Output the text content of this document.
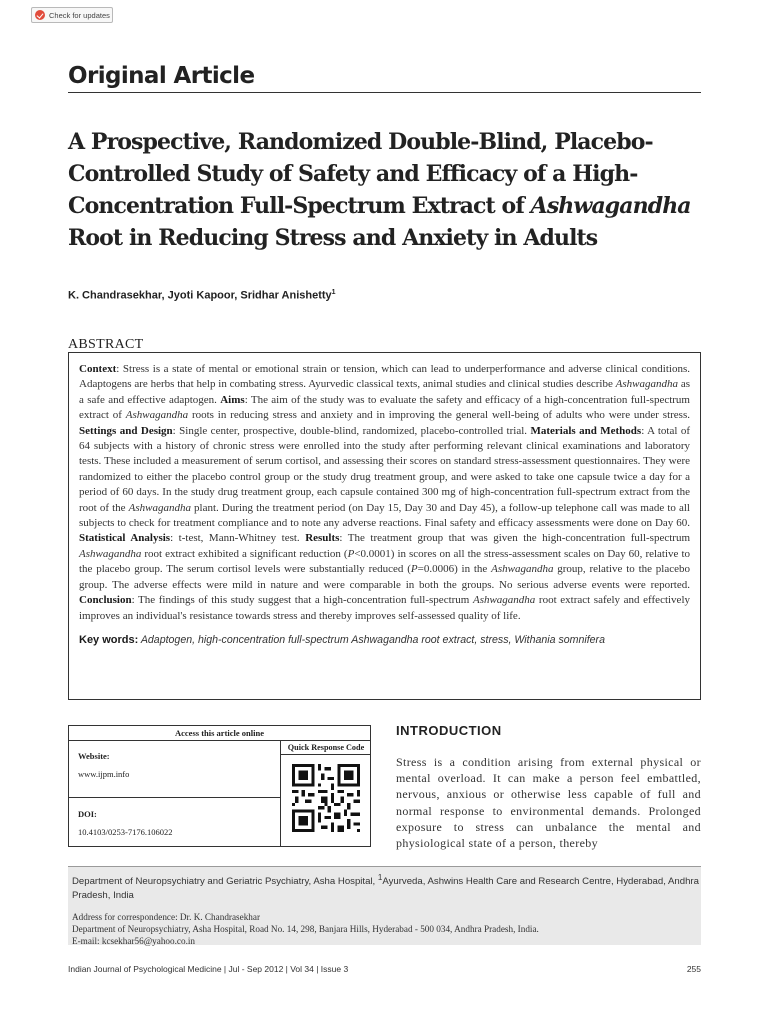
Check for updates
Original Article
A Prospective, Randomized Double-Blind, Placebo-
Controlled Study of Safety and Efficacy of a High-
Concentration Full-Spectrum Extract of Ashwagandha
Root in Reducing Stress and Anxiety in Adults
K. Chandrasekhar, Jyoti Kapoor, Sridhar Anishetty$^1$
ABSTRACT

Context: Stress is a state of mental or emotional strain or tension, which can lead to underperformance and adverse clinical conditions. Adaptogens are herbs that help in combating stress. Ayurvedic classical texts, animal studies and clinical studies describe Ashwagandha as a safe and effective adaptogen. Aims: The aim of the study was to evaluate the safety and efficacy of a high-concentration full-spectrum extract of Ashwagandha roots in reducing stress and anxiety and in improving the general well-being of adults who were under stress. Settings and Design: Single center, prospective, double-blind, randomized, placebo-controlled trial. Materials and Methods: A total of 64 subjects with a history of chronic stress were enrolled into the study after performing relevant clinical examinations and laboratory tests. These included a measurement of serum cortisol, and assessing their scores on standard stress-assessment questionnaires. They were randomized to either the placebo control group or the study drug treatment group, and were asked to take one capsule twice a day for a period of 60 days. In the study drug treatment group, each capsule contained 300 mg of high-concentration full-spectrum extract from the root of the Ashwagandha plant. During the treatment period (on Day 15, Day 30 and Day 45), a follow-up telephone call was made to all subjects to check for treatment compliance and to note any adverse reactions. Final safety and efficacy assessments were done on Day 60. Statistical Analysis: t-test, Mann-Whitney test. Results: The treatment group that was given the high-concentration full-spectrum Ashwagandha root extract exhibited a significant reduction (P<0.0001) in scores on all the stress-assessment scales on Day 60, relative to the placebo group. The serum cortisol levels were substantially reduced (P=0.0006) in the Ashwagandha group, relative to the placebo group. The adverse effects were mild in nature and were comparable in both the groups. No serious adverse events were reported. Conclusion: The findings of this study suggest that a high-concentration full-spectrum Ashwagandha root extract safely and effectively improves an individual's resistance towards stress and thereby improves self-assessed quality of life.

Key words: Adaptogen, high-concentration full-spectrum Ashwagandha root extract, stress, Withania somnifera

Access this article online
Website:
www.ijpm.info
DOI:
10.4103/0253-7176.106022
Quick Response Code
INTRODUCTION

Stress is a condition arising from external physical or mental overload. It can make a person feel embattled, nervous, anxious or otherwise less capable of full and normal response to environmental demands. Prolonged exposure to stress can unbalance the mental and physiological state of a person, thereby

Department of Neuropsychiatry and Geriatric Psychiatry, Asha Hospital, $^1$Ayurveda, Ashwins Health Care and Research Centre, Hyderabad, Andhra Pradesh, India

Address for correspondence: Dr. K. Chandrasekhar
Department of Neuropsychiatry, Asha Hospital, Road No. 14, 298, Banjara Hills, Hyderabad - 500 034, Andhra Pradesh, India.
E-mail: kcsekhar56@yahoo.co.in

Indian Journal of Psychological Medicine | Jul - Sep 2012 | Vol 34 | Issue 3	255
